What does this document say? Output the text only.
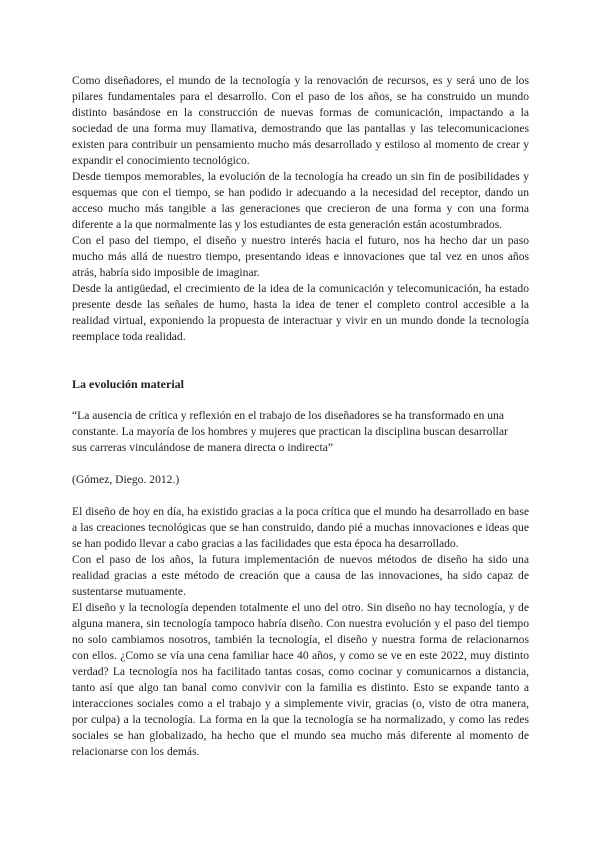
Como diseñadores, el mundo de la tecnología y la renovación de recursos, es y será uno de los pilares fundamentales para el desarrollo. Con el paso de los años, se ha construido un mundo distinto basándose en la construcción de nuevas formas de comunicación, impactando a la sociedad de una forma muy llamativa, demostrando que las pantallas y las telecomunicaciones existen para contribuir un pensamiento mucho más desarrollado y estiloso al momento de crear y expandir el conocimiento tecnológico.

Desde tiempos memorables, la evolución de la tecnología ha creado un sin fin de posibilidades y esquemas que con el tiempo, se han podido ir adecuando a la necesidad del receptor, dando un acceso mucho más tangible a las generaciones que crecieron de una forma y con una forma diferente a la que normalmente las y los estudiantes de esta generación están acostumbrados.

Con el paso del tiempo, el diseño y nuestro interés hacia el futuro, nos ha hecho dar un paso mucho más allá de nuestro tiempo, presentando ideas e innovaciones que tal vez en unos años atrás, habría sido imposible de imaginar.

Desde la antigüedad, el crecimiento de la idea de la comunicación y telecomunicación, ha estado presente desde las señales de humo, hasta la idea de tener el completo control accesible a la realidad virtual, exponiendo la propuesta de interactuar y vivir en un mundo donde la tecnología reemplace toda realidad.

La evolución material

“La ausencia de crítica y reflexión en el trabajo de los diseñadores se ha transformado en una constante. La mayoría de los hombres y mujeres que practican la disciplina buscan desarrollar sus carreras vinculándose de manera directa o indirecta”

(Gómez, Diego. 2012.)

El diseño de hoy en día, ha existido gracias a la poca crítica que el mundo ha desarrollado en base a las creaciones tecnológicas que se han construido, dando pié a muchas innovaciones e ideas que se han podido llevar a cabo gracias a las facilidades que esta época ha desarrollado.

Con el paso de los años, la futura implementación de nuevos métodos de diseño ha sido una realidad gracias a este método de creación que a causa de las innovaciones, ha sido capaz de sustentarse mutuamente.

El diseño y la tecnología dependen totalmente el uno del otro. Sin diseño no hay tecnología, y de alguna manera, sin tecnología tampoco habría diseño. Con nuestra evolución y el paso del tiempo no solo cambiamos nosotros, también la tecnología, el diseño y nuestra forma de relacionarnos con ellos. ¿Como se vía una cena familiar hace 40 años, y como se ve en este 2022, muy distinto verdad? La tecnología nos ha facilitado tantas cosas, como cocinar y comunicarnos a distancia, tanto así que algo tan banal como convivir con la familia es distinto. Esto se expande tanto a interacciones sociales como a el trabajo y a simplemente vivir, gracias (o, visto de otra manera, por culpa) a la tecnología. La forma en la que la tecnología se ha normalizado, y como las redes sociales se han globalizado, ha hecho que el mundo sea mucho más diferente al momento de relacionarse con los demás.
